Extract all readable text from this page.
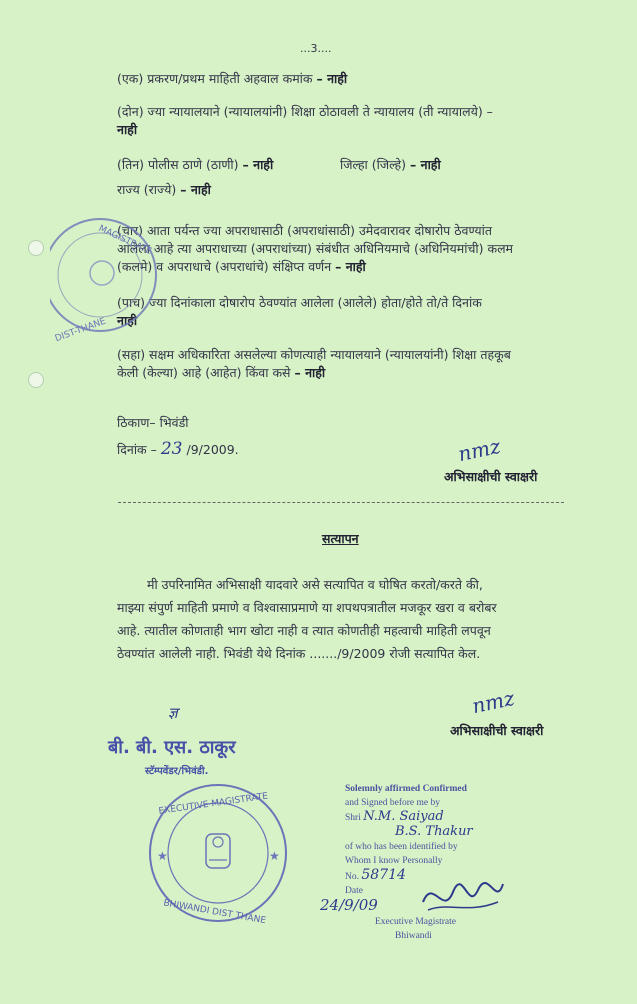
...3....
(एक) प्रकरण/प्रथम माहिती अहवाल कमांक – नाही
(दोन) ज्या न्यायालयाने (न्यायालयांनी) शिक्षा ठोठावली ते न्यायालय (ती न्यायालये) –
नाही
(तिन) पोलीस ठाणे (ठाणी) – नाही	जिल्हा (जिल्हे) – नाही
राज्य (राज्ये) – नाही
(चार) आता पर्यन्त ज्या अपराधासाठी (अपराधांसाठी) उमेदवारावर दोषारोप ठेवण्यांत
आलेला आहे त्या अपराधाच्या (अपराधांच्या) संबंधीत अधिनियमाचे (अधिनियमांची) कलम
(कलमे) व अपराधाचे (अपराधांचे) संक्षिप्त वर्णन – नाही
(पाच) ज्या दिनांकाला दोषारोप ठेवण्यांत आलेला (आलेले) होता/होते तो/ते दिनांक
नाही
(सहा) सक्षम अधिकारिता असलेल्या कोणत्याही न्यायालयाने (न्यायालयांनी) शिक्षा तहकूब
केली (केल्या) आहे (आहेत) किंवा कसे – नाही
ठिकाण– भिवंडी
दिनांक – 23 /9/2009.	nmz
अभिसाक्षीची स्वाक्षरी
सत्यापन
मी उपरिनामित अभिसाक्षी यादवारे असे सत्यापित व घोषित करतो/करते की,
माझ्या संपुर्ण माहिती प्रमाणे व विश्वासाप्रमाणे या शपथपत्रातील मजकूर खरा व बरोबर
आहे. त्यातील कोणताही भाग खोटा नाही व त्यात कोणतीही महत्वाची माहिती लपवून
ठेवण्यांत आलेली नाही. भिवंडी येथे दिनांक ......./9/2009 रोजी सत्यापित केल.
nmz
अभिसाक्षीची स्वाक्षरी
ज्ञ
बी. बी. एस. ठाकूर
स्टॅम्पवेंडर/भिवंडी.
MAGISTRATE
DIST-THANE
EXECUTIVE MAGISTRATE
BHIWANDI DIST THANE
★	★
Solemnly affirmed Confirmed
and Signed before me by
Shri N.M. Saiyad
B.S. Thakur
of who has been identified by
Whom I know Personally
No. 58714
Date
24/9/09
Executive Magistrate
Bhiwandi
